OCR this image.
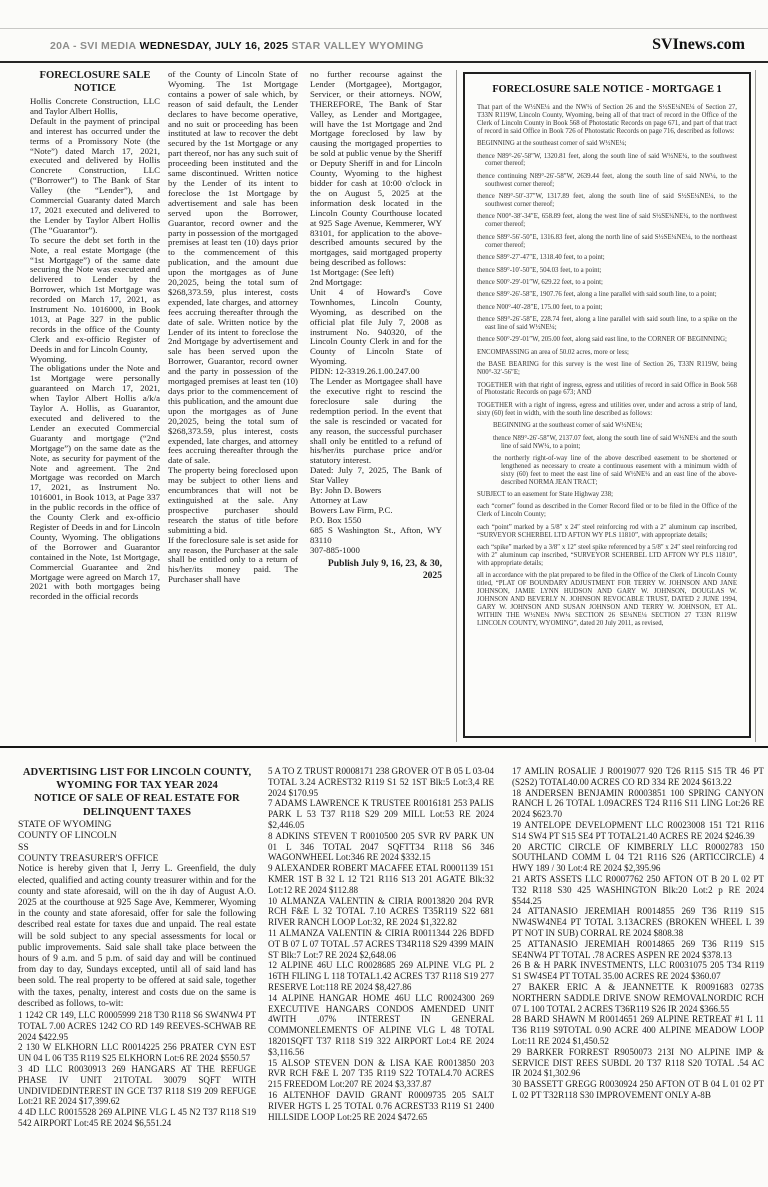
20A - SVI MEDIA WEDNESDAY, JULY 16, 2025 STAR VALLEY WYOMING	SVInews.com
FORECLOSURE SALE NOTICE

Hollis Concrete Construction, LLC and Taylor Albert Hollis,

Default in the payment of principal and interest has occurred under the terms of a Promissory Note (the “Note”) dated March 17, 2021, executed and delivered by Hollis Concrete Construction, LLC (“Borrower”) to The Bank of Star Valley (the “Lender”), and Commercial Guaranty dated March 17, 2021 executed and delivered to the Lender by Taylor Albert Hollis (The “Guarantor”).

To secure the debt set forth in the Note, a real estate Mortgage (the “1st Mortgage”) of the same date securing the Note was executed and delivered to Lender by the Borrower, which 1st Mortgage was recorded on March 17, 2021, as Instrument No. 1016000, in Book 1013, at Page 327 in the public records in the office of the County Clerk and ex-officio Register of Deeds in and for Lincoln County,

Wyoming.

The obligations under the Note and 1st Mortgage were personally guaranteed on March 17, 2021, when Taylor Albert Hollis a/k/a Taylor A. Hollis, as Guarantor, executed and delivered to the Lender an executed Commercial Guaranty and mortgage (“2nd Mortgage”) on the same date as the Note, as security for payment of the Note and agreement. The 2nd Mortgage was recorded on March 17, 2021, as Instrument No. 1016001, in Book 1013, at Page 337 in the public records in the office of the County Clerk and ex-officio Register of Deeds in and for Lincoln County, Wyoming. The obligations of the Borrower and Guarantor contained in the Note, 1st Mortgage, Commercial Guarantee and 2nd Mortgage were agreed on March 17, 2021 with both mortgages being recorded in the official records

of the County of Lincoln State of Wyoming. The 1st Mortgage contains a power of sale which, by reason of said default, the Lender declares to have become operative, and no suit or proceeding has been instituted at law to recover the debt secured by the 1st Mortgage or any part thereof, nor has any such suit of proceeding been instituted and the same discontinued. Written notice by the Lender of its intent to foreclose the 1st Mortgage by advertisement and sale has been served upon the Borrower, Guarantor, record owner and the party in possession of the mortgaged premises at least ten (10) days prior to the commencement of this publication, and the amount due upon the mortgages as of June 20,2025, being the total sum of $268,373.59, plus interest, costs expended, late charges, and attorney fees accruing thereafter through the date of sale. Written notice by the Lender of its intent to foreclose the 2nd Mortgage by advertisement and sale has been served upon the Borrower, Guarantor, record owner and the party in possession of the mortgaged premises at least ten (10) days prior to the commencement of this publication, and the amount due upon the mortgages as of June 20,2025, being the total sum of $268,373.59, plus interest, costs expended, late charges, and attorney fees accruing thereafter through the date of sale.

The property being foreclosed upon may be subject to other liens and encumbrances that will not be extinguished at the sale. Any prospective purchaser should research the status of title before submitting a bid.

If the foreclosure sale is set aside for any reason, the Purchaser at the sale shall be entitled only to a return of his/her/its money paid. The Purchaser shall have

no further recourse against the Lender (Mortgagee), Mortgagor, Servicer, or their attorneys. NOW, THEREFORE, The Bank of Star Valley, as Lender and Mortgagee, will have the 1st Mortgage and 2nd Mortgage foreclosed by law by causing the mortgaged properties to be sold at public venue by the Sheriff or Deputy Sheriff in and for Lincoln County, Wyoming to the highest bidder for cash at 10:00 o'clock in the on August 5, 2025 at the information desk located in the Lincoln County Courthouse located at 925 Sage Avenue, Kemmerer, WY 83101, for application to the above- described amounts secured by the mortgages, said mortgaged property being described as follows:

1st Mortgage: (See left)

2nd Mortgage:

Unit 4 of Howard's Cove Townhomes, Lincoln County, Wyoming, as described on the official plat file July 7, 2008 as instrument No. 940320, of the Lincoln County Clerk in and for the County of Lincoln State of Wyoming.

PIDN: 12-3319.26.1.00.247.00

The Lender as Mortgagee shall have the executive right to rescind the foreclosure sale during the redemption period. In the event that the sale is rescinded or vacated for any reason, the successful purchaser shall only be entitled to a refund of his/her/its purchase price and/or statutory interest.

Dated: July 7, 2025, The Bank of Star Valley

By: John D. Bowers

Attorney at Law

Bowers Law Firm, P.C.

P.O. Box 1550

685 S Washington St., Afton, WY 83110

307-885-1000

Publish July 9, 16, 23, & 30, 2025

FORECLOSURE SALE NOTICE - MORTGAGE 1

That part of the W½NE¼ and the NW¼ of Section 26 and the S½SE¼NE¼ of Section 27, T33N R119W, Lincoln County, Wyoming, being all of that tract of record in the Office of the Clerk of Lincoln County in Book 568 of Photostatic Records on page 671, and part of that tract of record in said Office in Book 726 of Photostatic Records on page 716, described as follows:

BEGINNING at the southeast corner of said W½NE¼;

thence N89°-26′-58″W, 1320.81 feet, along the south line of said W½NE¼, to the southwest corner thereof;

thence continuing N89°-26′-58″W, 2639.44 feet, along the south line of said NW¼, to the southwest corner thereof;

thence N89°-50′-37″W, 1317.89 feet, along the south line of said S½SE¼NE¼, to the southwest corner thereof;

thence N00°-38′-34″E, 658.89 feet, along the west line of said S½SE¼NE¼, to the northwest corner thereof;

thence S89°-56′-50″E, 1316.83 feet, along the north line of said S½SE¼NE¼, to the northeast corner thereof;

thence S89°-27′-47″E, 1318.40 feet, to a point;

thence S89°-10′-50″E, 504.03 feet, to a point;

thence S00°-29′-01″W, 629.22 feet, to a point;

thence S89°-26′-58″E, 1907.76 feet, along a line parallel with said south line, to a point;

thence N00°-40′-28″E, 175.00 feet, to a point;

thence S89°-26′-58″E, 228.74 feet, along a line parallel with said south line, to a spike on the east line of said W½NE¼;

thence S00°-29′-01″W, 205.00 feet, along said east line, to the CORNER OF BEGINNING;

ENCOMPASSING an area of 50.02 acres, more or less;

the BASE BEARING for this survey is the west line of Section 26, T33N R119W, being N00°-32′-56″E;

TOGETHER with that right of ingress, egress and utilities of record in said Office in Book 568 of Photostatic Records on page 673; AND

TOGETHER with a right of ingress, egress and utilities over, under and across a strip of land, sixty (60) feet in width, with the south line described as follows:

BEGINNING at the southeast corner of said W½NE¼;

thence N89°-26′-58″W, 2137.07 feet, along the south line of said W½NE¼ and the south line of said NW¼, to a point;

the northerly right-of-way line of the above described easement to be shortened or lengthened as necessary to create a continuous easement with a minimum width of sixty (60) feet to meet the east line of said W½NE¼ and an east line of the above-described NORMA JEAN TRACT;

SUBJECT to an easement for State Highway 238;

each “corner” found as described in the Corner Record filed or to be filed in the Office of the Clerk of Lincoln County;

each “point” marked by a 5/8″ x 24″ steel reinforcing rod with a 2″ aluminum cap inscribed, “SURVEYOR SCHERBEL LTD AFTON WY PLS 11810”, with appropriate details;

each “spike” marked by a 3/8″ x 12″ steel spike referenced by a 5/8″ x 24″ steel reinforcing rod with 2″ aluminum cap inscribed, “SURVEYOR SCHERBEL LTD AFTON WY PLS 11810”, with appropriate details;

all in accordance with the plat prepared to be filed in the Office of the Clerk of Lincoln County titled, “PLAT OF BOUNDARY ADJUSTMENT FOR TERRY W. JOHNSON AND JANE JOHNSON, JAMIE LYNN HUDSON AND GARY W. JOHNSON, DOUGLAS W. JOHNSON AND BEVERLY N. JOHNSON REVOCABLE TRUST, DATED 2 JUNE 1994, GARY W. JOHNSON AND SUSAN JOHNSON AND TERRY W. JOHNSON, ET AL. WITHIN THE W½NE¼ NW¼ SECTION 26 SE¼NE¼ SECTION 27 T33N R119W LINCOLN COUNTY, WYOMING”, dated 20 July 2011, as revised,

ADVERTISING LIST FOR LINCOLN COUNTY,

WYOMING FOR TAX YEAR 2024

NOTICE OF SALE OF REAL ESTATE FOR

DELINQUENT TAXES

STATE OF WYOMING

COUNTY OF LINCOLN

SS

COUNTY TREASURER'S OFFICE

Notice is hereby given that I, Jerry L. Greenfield, the duly elected, qualified and acting county treasurer within and for the county and state aforesaid, will on the ih day of August A.O. 2025 at the courthouse at 925 Sage Ave, Kemmerer, Wyoming in the county and state aforesaid, offer for sale the following described real estate for taxes due and unpaid. The real estate will be sold subject to any special assessments for local or public improvements. Said sale shall take place between the hours of 9 a.m. and 5 p.m. of said day and will be continued from day to day, Sundays excepted, until all of said land has been sold. The real property to be offered at said sale, together with the taxes, penalty, interest and costs due on the same is described as follows, to-wit:

1 1242 CR 149, LLC R0005999 218 T30 R118 S6 SW4NW4 PT TOTAL 7.00 ACRES 1242 CO RD 149 REEVES-SCHWAB RE 2024 $422.95

2 130 W ELKHORN LLC R0014225 256 PRATER CYN EST UN 04 L 06 T35 R119 S25 ELKHORN Lot:6 RE 2024 $550.57

3 4D LLC R0030913 269 HANGARS AT THE REFUGE PHASE IV UNIT 21TOTAL 30079 SQFT WITH UNDIVIDEDINTEREST IN GCE T37 R118 S19 209 REFUGE Lot:21 RE 2024 $17,399.62

4 4D LLC R0015528 269 ALPINE VLG L 45 N2 T37 R118 S19 542 AIRPORT Lot:45 RE 2024 $6,551.24

5 A TO Z TRUST R0008171 238 GROVER OT B 05 L 03-04 TOTAL 3.24 ACREST32 R119 S1 52 1ST Blk:5 Lot:3,4 RE 2024 $170.95

7 ADAMS LAWRENCE K TRUSTEE R0016181 253 PALIS PARK L 53 T37 R118 S29 209 MILL Lot:53 RE 2024 $2,446.05

8 ADKINS STEVEN T R0010500 205 SVR RV PARK UN 01 L 346 TOTAL 2047 SQFTT34 R118 S6 346 WAGONWHEEL Lot:346 RE 2024 $332.15

9 ALEXANDER ROBERT MACAFEE ETAL R0001139 151 KMER 1ST B 32 L 12 T21 R116 S13 201 AGATE Blk:32 Lot:12 RE 2024 $112.88

10 ALMANZA VALENTIN & CIRIA R0013820 204 RVR RCH F&E L 32 TOTAL 7.10 ACRES T35R119 S22 681 RIVER RANCH LOOP Lot:32, RE 2024 $1,322.82

11 ALMANZA VALENTIN & CIRIA R0011344 226 BDFD OT B 07 L 07 TOTAL .57 ACRES T34R118 S29 4399 MAIN ST Blk:7 Lot:7 RE 2024 $2,648.06

12 ALPINE 46U LLC R0028685 269 ALPINE VLG PL 2 16TH FILING L 118 TOTAL1.42 ACRES T37 R118 S19 277 RESERVE Lot:118 RE 2024 $8,427.86

14 ALPINE HANGAR HOME 46U LLC R0024300 269 EXECUTIVE HANGARS CONDOS AMENDED UNIT 4WITH .07% INTEREST IN GENERAL COMMONELEMENTS OF ALPINE VLG L 48 TOTAL 18201SQFT T37 R118 S19 322 AIRPORT Lot:4 RE 2024 $3,116.56

15 ALSOP STEVEN DON & LISA KAE R0013850 203 RVR RCH F&E L 207 T35 R119 S22 TOTAL4.70 ACRES 215 FREEDOM Lot:207 RE 2024 $3,337.87

16 ALTENHOF DAVID GRANT R0009735 205 SALT RIVER HGTS L 25 TOTAL 0.76 ACREST33 R119 S1 2400 HILLSIDE LOOP Lot:25 RE 2024 $472.65

17 AMLIN ROSALIE J R0019077 920 T26 R115 S15 TR 46 PT (S2S2) TOTAL40.00 ACRES CO RD 334 RE 2024 $613.22

18 ANDERSEN BENJAMIN R0003851 100 SPRING CANYON RANCH L 26 TOTAL 1.09ACRES T24 R116 S11 LING Lot:26 RE 2024 $623.70

19 ANTELOPE DEVELOPMENT LLC R0023008 151 T21 R116 S14 SW4 PT S15 SE4 PT TOTAL21.40 ACRES RE 2024 $246.39

20 ARCTIC CIRCLE OF KIMBERLY LLC R0002783 150 SOUTHLAND COMM L 04 T21 R116 S26 (ARTICCIRCLE) 4 HWY 189 / 30 Lot:4 RE 2024 $2,395.96

21 ARTS ASSETS LLC R0007762 250 AFTON OT B 20 L 02 PT T32 R118 S30 425 WASHINGTON Blk:20 Lot:2 p RE 2024 $544.25

24 ATTANASIO JEREMIAH R0014855 269 T36 R119 S15 NW4SW4NE4 PT TOTAL 3.13ACRES (BROKEN WHEEL L 39 PT NOT IN SUB) CORRAL RE 2024 $808.38

25 ATTANASIO JEREMIAH R0014865 269 T36 R119 S15 SE4NW4 PT TOTAL .78 ACRES ASPEN RE 2024 $378.13

26 B & H PARK INVESTMENTS, LLC R0031075 205 T34 R119 S1 SW4SE4 PT TOTAL 35.00 ACRES RE 2024 $360.07

27 BAKER ERIC A & JEANNETTE K R0091683 0273S NORTHERN SADDLE DRIVE SNOW REMOVALNORDIC RCH 07 L 100 TOTAL 2 ACRES T36R119 S26 IR 2024 $366.55

28 BARD SHAWN M R0014651 269 ALPINE RETREAT #1 L 11 T36 R119 S9TOTAL 0.90 ACRE 400 ALPINE MEADOW LOOP Lot:11 RE 2024 $1,450.52

29 BARKER FORREST R9050073 213I NO ALPINE IMP & SERVICE DIST REES SUBDL 20 T37 R118 S20 TOTAL .54 AC IR 2024 $1,302.96

30 BASSETT GREGG R0030924 250 AFTON OT B 04 L 01 02 PT L 02 PT T32R118 S30 IMPROVEMENT ONLY A-8B
